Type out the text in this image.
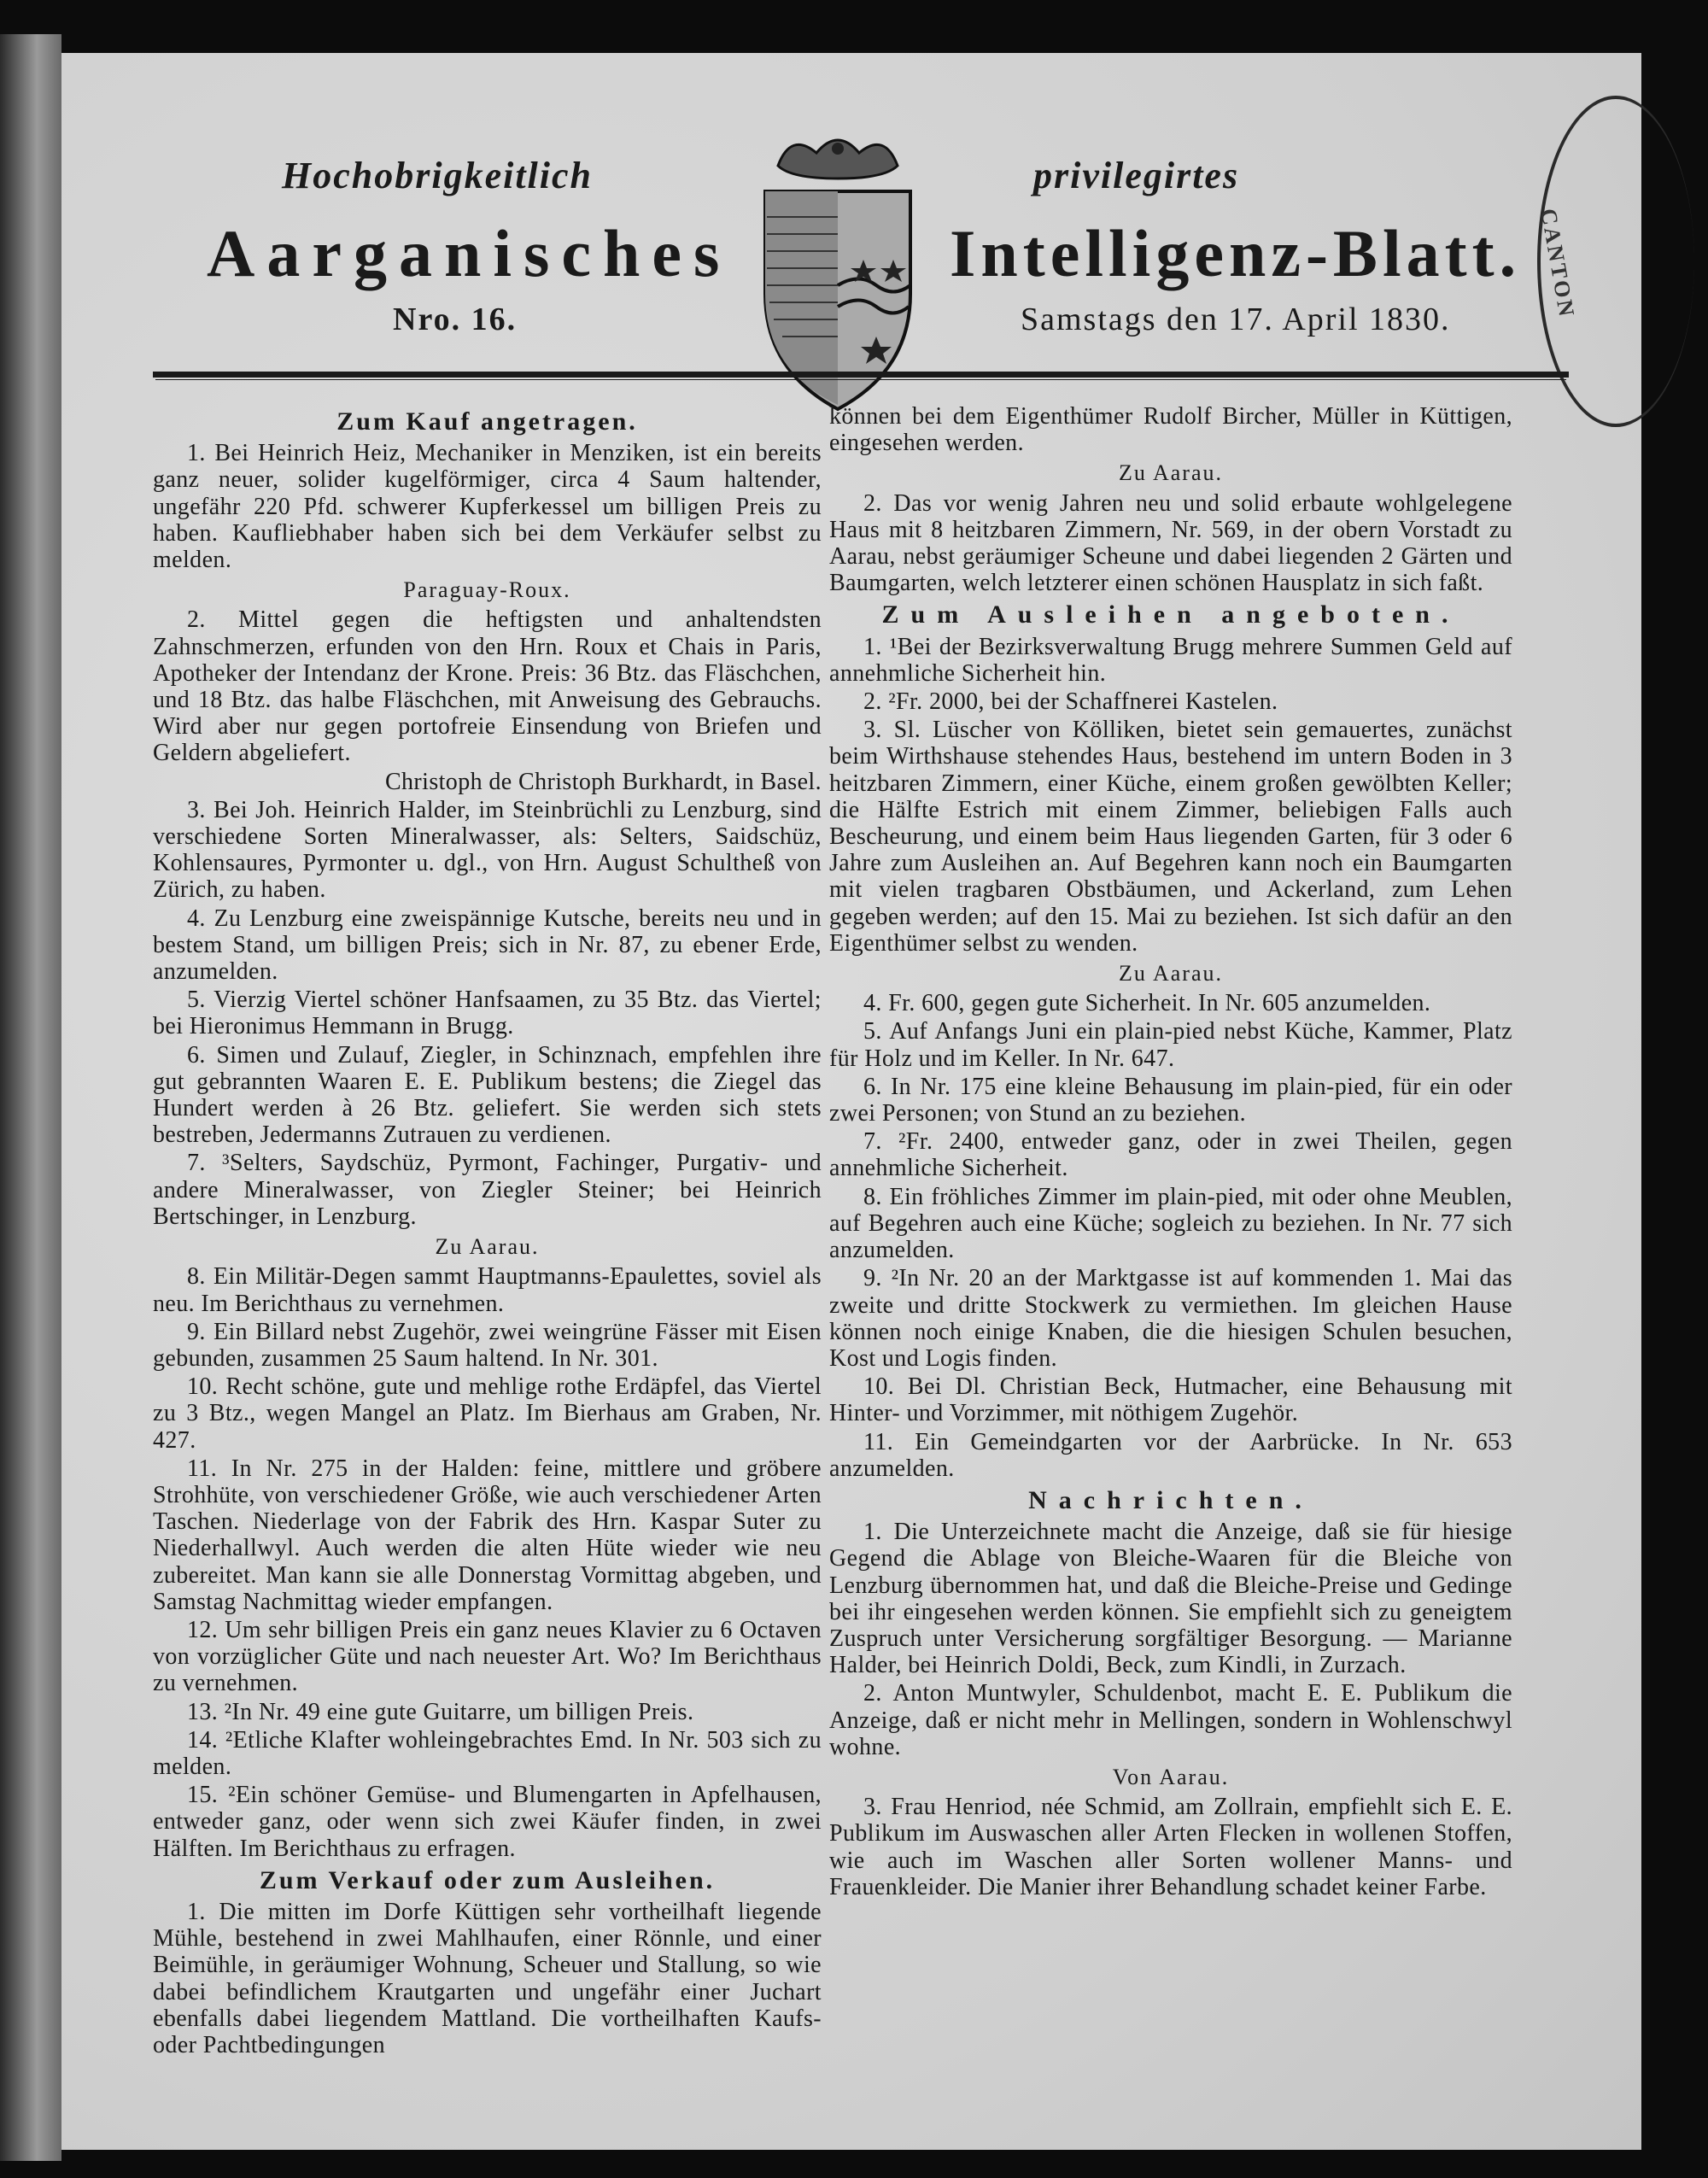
Hochobrigkeitlich	privilegirtes
Aarganisches	Intelligenz-Blatt.
Nro. 16.	Samstags den 17. April 1830.	CANTON
Zum Kauf angetragen.

1. Bei Heinrich Heiz, Mechaniker in Menziken, ist ein bereits ganz neuer, solider kugelförmiger, circa 4 Saum haltender, ungefähr 220 Pfd. schwerer Kupferkessel um billigen Preis zu haben. Kaufliebhaber haben sich bei dem Verkäufer selbst zu melden.

Paraguay-Roux.

2. Mittel gegen die heftigsten und anhaltendsten Zahnschmerzen, erfunden von den Hrn. Roux et Chais in Paris, Apotheker der Intendanz der Krone. Preis: 36 Btz. das Fläschchen, und 18 Btz. das halbe Fläschchen, mit Anweisung des Gebrauchs. Wird aber nur gegen portofreie Einsendung von Briefen und Geldern abgeliefert.

Christoph de Christoph Burkhardt, in Basel.

3. Bei Joh. Heinrich Halder, im Steinbrüchli zu Lenzburg, sind verschiedene Sorten Mineralwasser, als: Selters, Saidschüz, Kohlensaures, Pyrmonter u. dgl., von Hrn. August Schultheß von Zürich, zu haben.

4. Zu Lenzburg eine zweispännige Kutsche, bereits neu und in bestem Stand, um billigen Preis; sich in Nr. 87, zu ebener Erde, anzumelden.

5. Vierzig Viertel schöner Hanfsaamen, zu 35 Btz. das Viertel; bei Hieronimus Hemmann in Brugg.

6. Simen und Zulauf, Ziegler, in Schinznach, empfehlen ihre gut gebrannten Waaren E. E. Publikum bestens; die Ziegel das Hundert werden à 26 Btz. geliefert. Sie werden sich stets bestreben, Jedermanns Zutrauen zu verdienen.

7. ³Selters, Saydschüz, Pyrmont, Fachinger, Purgativ- und andere Mineralwasser, von Ziegler Steiner; bei Heinrich Bertschinger, in Lenzburg.

Zu Aarau.

8. Ein Militär-Degen sammt Hauptmanns-Epaulettes, soviel als neu. Im Berichthaus zu vernehmen.

9. Ein Billard nebst Zugehör, zwei weingrüne Fässer mit Eisen gebunden, zusammen 25 Saum haltend. In Nr. 301.

10. Recht schöne, gute und mehlige rothe Erdäpfel, das Viertel zu 3 Btz., wegen Mangel an Platz. Im Bierhaus am Graben, Nr. 427.

11. In Nr. 275 in der Halden: feine, mittlere und gröbere Strohhüte, von verschiedener Größe, wie auch verschiedener Arten Taschen. Niederlage von der Fabrik des Hrn. Kaspar Suter zu Niederhallwyl. Auch werden die alten Hüte wieder wie neu zubereitet. Man kann sie alle Donnerstag Vormittag abgeben, und Samstag Nachmittag wieder empfangen.

12. Um sehr billigen Preis ein ganz neues Klavier zu 6 Octaven von vorzüglicher Güte und nach neuester Art. Wo? Im Berichthaus zu vernehmen.

13. ²In Nr. 49 eine gute Guitarre, um billigen Preis.

14. ²Etliche Klafter wohleingebrachtes Emd. In Nr. 503 sich zu melden.

15. ²Ein schöner Gemüse- und Blumengarten in Apfelhausen, entweder ganz, oder wenn sich zwei Käufer finden, in zwei Hälften. Im Berichthaus zu erfragen.

Zum Verkauf oder zum Ausleihen.

1. Die mitten im Dorfe Küttigen sehr vortheilhaft liegende Mühle, bestehend in zwei Mahlhaufen, einer Rönnle, und einer Beimühle, in geräumiger Wohnung, Scheuer und Stallung, so wie dabei befindlichem Krautgarten und ungefähr einer Juchart ebenfalls dabei liegendem Mattland. Die vortheilhaften Kaufs- oder Pachtbedingungen

können bei dem Eigenthümer Rudolf Bircher, Müller in Küttigen, eingesehen werden.

Zu Aarau.

2. Das vor wenig Jahren neu und solid erbaute wohlgelegene Haus mit 8 heitzbaren Zimmern, Nr. 569, in der obern Vorstadt zu Aarau, nebst geräumiger Scheune und dabei liegenden 2 Gärten und Baumgarten, welch letzterer einen schönen Hausplatz in sich faßt.

Zum Ausleihen angeboten.

1. ¹Bei der Bezirksverwaltung Brugg mehrere Summen Geld auf annehmliche Sicherheit hin.

2. ²Fr. 2000, bei der Schaffnerei Kastelen.

3. Sl. Lüscher von Kölliken, bietet sein gemauertes, zunächst beim Wirthshause stehendes Haus, bestehend im untern Boden in 3 heitzbaren Zimmern, einer Küche, einem großen gewölbten Keller; die Hälfte Estrich mit einem Zimmer, beliebigen Falls auch Bescheurung, und einem beim Haus liegenden Garten, für 3 oder 6 Jahre zum Ausleihen an. Auf Begehren kann noch ein Baumgarten mit vielen tragbaren Obstbäumen, und Ackerland, zum Lehen gegeben werden; auf den 15. Mai zu beziehen. Ist sich dafür an den Eigenthümer selbst zu wenden.

Zu Aarau.

4. Fr. 600, gegen gute Sicherheit. In Nr. 605 anzumelden.

5. Auf Anfangs Juni ein plain-pied nebst Küche, Kammer, Platz für Holz und im Keller. In Nr. 647.

6. In Nr. 175 eine kleine Behausung im plain-pied, für ein oder zwei Personen; von Stund an zu beziehen.

7. ²Fr. 2400, entweder ganz, oder in zwei Theilen, gegen annehmliche Sicherheit.

8. Ein fröhliches Zimmer im plain-pied, mit oder ohne Meublen, auf Begehren auch eine Küche; sogleich zu beziehen. In Nr. 77 sich anzumelden.

9. ²In Nr. 20 an der Marktgasse ist auf kommenden 1. Mai das zweite und dritte Stockwerk zu vermiethen. Im gleichen Hause können noch einige Knaben, die die hiesigen Schulen besuchen, Kost und Logis finden.

10. Bei Dl. Christian Beck, Hutmacher, eine Behausung mit Hinter- und Vorzimmer, mit nöthigem Zugehör.

11. Ein Gemeindgarten vor der Aarbrücke. In Nr. 653 anzumelden.

Nachrichten.

1. Die Unterzeichnete macht die Anzeige, daß sie für hiesige Gegend die Ablage von Bleiche-Waaren für die Bleiche von Lenzburg übernommen hat, und daß die Bleiche-Preise und Gedinge bei ihr eingesehen werden können. Sie empfiehlt sich zu geneigtem Zuspruch unter Versicherung sorgfältiger Besorgung. — Marianne Halder, bei Heinrich Doldi, Beck, zum Kindli, in Zurzach.

2. Anton Muntwyler, Schuldenbot, macht E. E. Publikum die Anzeige, daß er nicht mehr in Mellingen, sondern in Wohlenschwyl wohne.

Von Aarau.

3. Frau Henriod, née Schmid, am Zollrain, empfiehlt sich E. E. Publikum im Auswaschen aller Arten Flecken in wollenen Stoffen, wie auch im Waschen aller Sorten wollener Manns- und Frauenkleider. Die Manier ihrer Behandlung schadet keiner Farbe.
